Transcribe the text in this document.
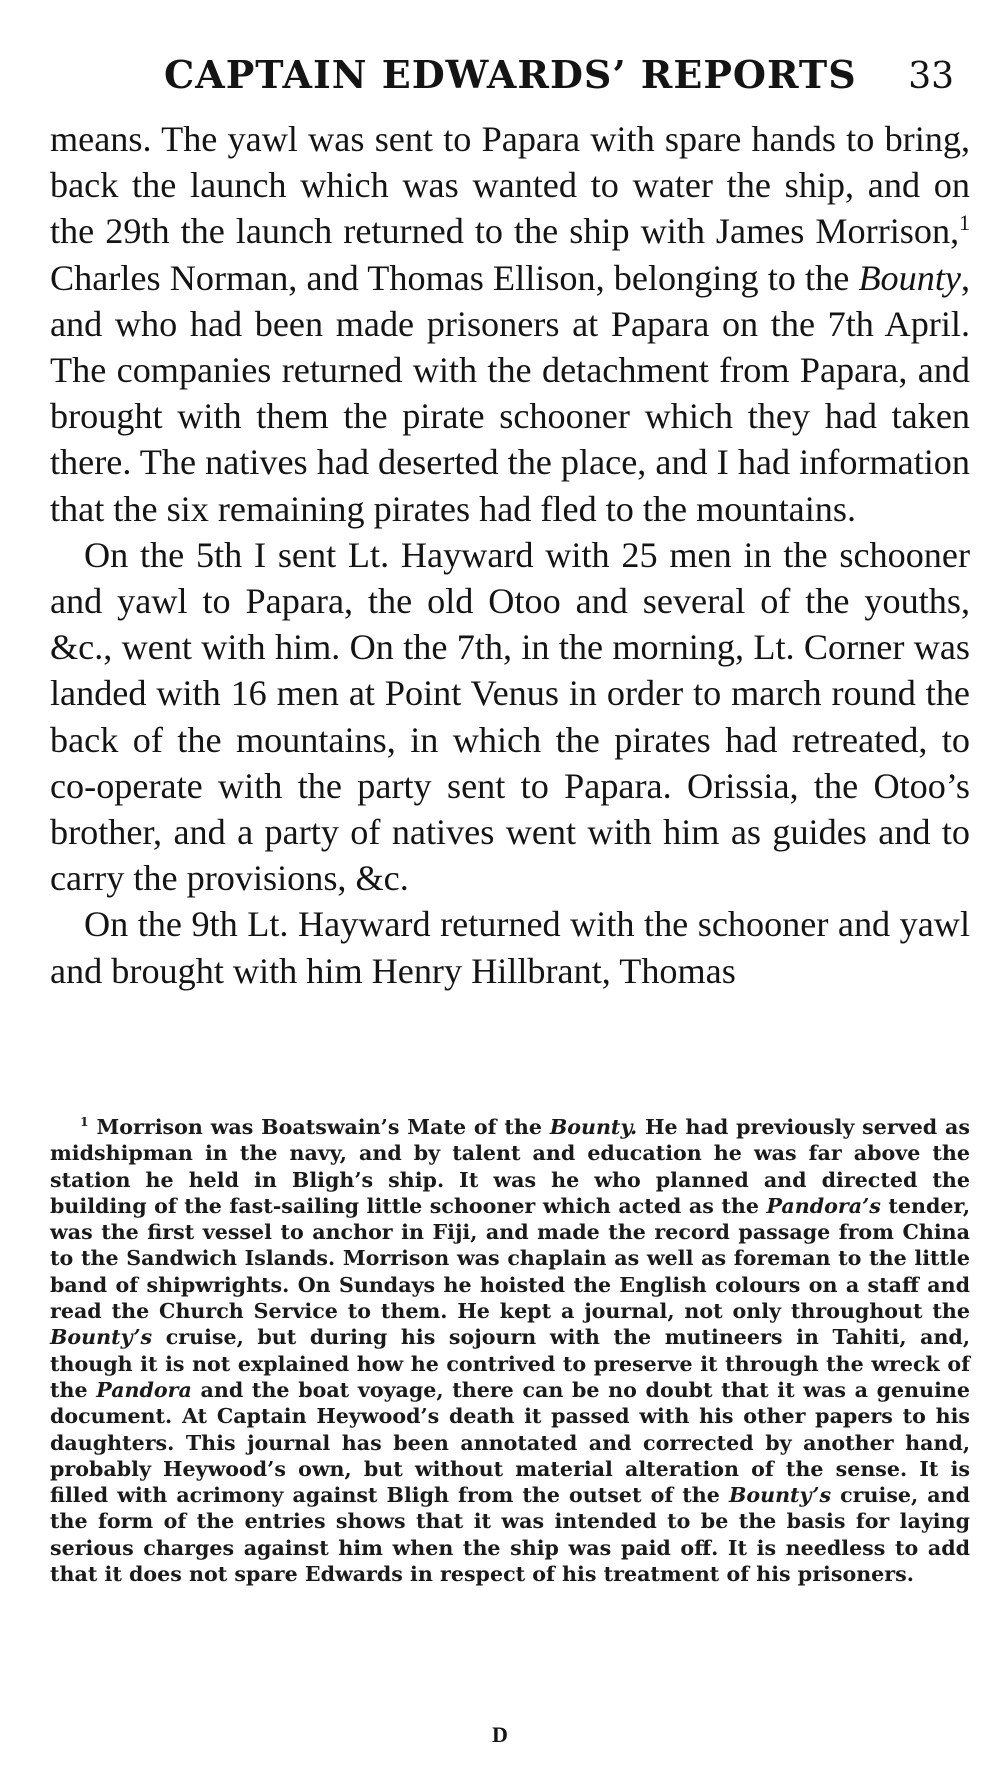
CAPTAIN EDWARDS’ REPORTS 33

means. The yawl was sent to Papara with spare hands to bring, back the launch which was wanted to water the ship, and on the 29th the launch returned to the ship with James Morrison,$^1$ Charles Norman, and Thomas Ellison, belonging to the Bounty, and who had been made prisoners at Papara on the 7th April. The companies returned with the detachment from Papara, and brought with them the pirate schooner which they had taken there. The natives had deserted the place, and I had information that the six remaining pirates had fled to the mountains.

On the 5th I sent Lt. Hayward with 25 men in the schooner and yawl to Papara, the old Otoo and several of the youths, &c., went with him. On the 7th, in the morning, Lt. Corner was landed with 16 men at Point Venus in order to march round the back of the mountains, in which the pirates had retreated, to co-operate with the party sent to Papara. Orissia, the Otoo’s brother, and a party of natives went with him as guides and to carry the provisions, &c.

On the 9th Lt. Hayward returned with the schooner and yawl and brought with him Henry Hillbrant, Thomas

$^1$ Morrison was Boatswain’s Mate of the Bounty. He had previously served as midshipman in the navy, and by talent and education he was far above the station he held in Bligh’s ship. It was he who planned and directed the building of the fast-sailing little schooner which acted as the Pandora’s tender, was the first vessel to anchor in Fiji, and made the record passage from China to the Sandwich Islands. Morrison was chaplain as well as foreman to the little band of shipwrights. On Sundays he hoisted the English colours on a staff and read the Church Service to them. He kept a journal, not only throughout the Bounty’s cruise, but during his sojourn with the mutineers in Tahiti, and, though it is not explained how he contrived to preserve it through the wreck of the Pandora and the boat voyage, there can be no doubt that it was a genuine document. At Captain Heywood’s death it passed with his other papers to his daughters. This journal has been annotated and corrected by another hand, probably Heywood’s own, but without material alteration of the sense. It is filled with acrimony against Bligh from the outset of the Bounty’s cruise, and the form of the entries shows that it was intended to be the basis for laying serious charges against him when the ship was paid off. It is needless to add that it does not spare Edwards in respect of his treatment of his prisoners.

D
